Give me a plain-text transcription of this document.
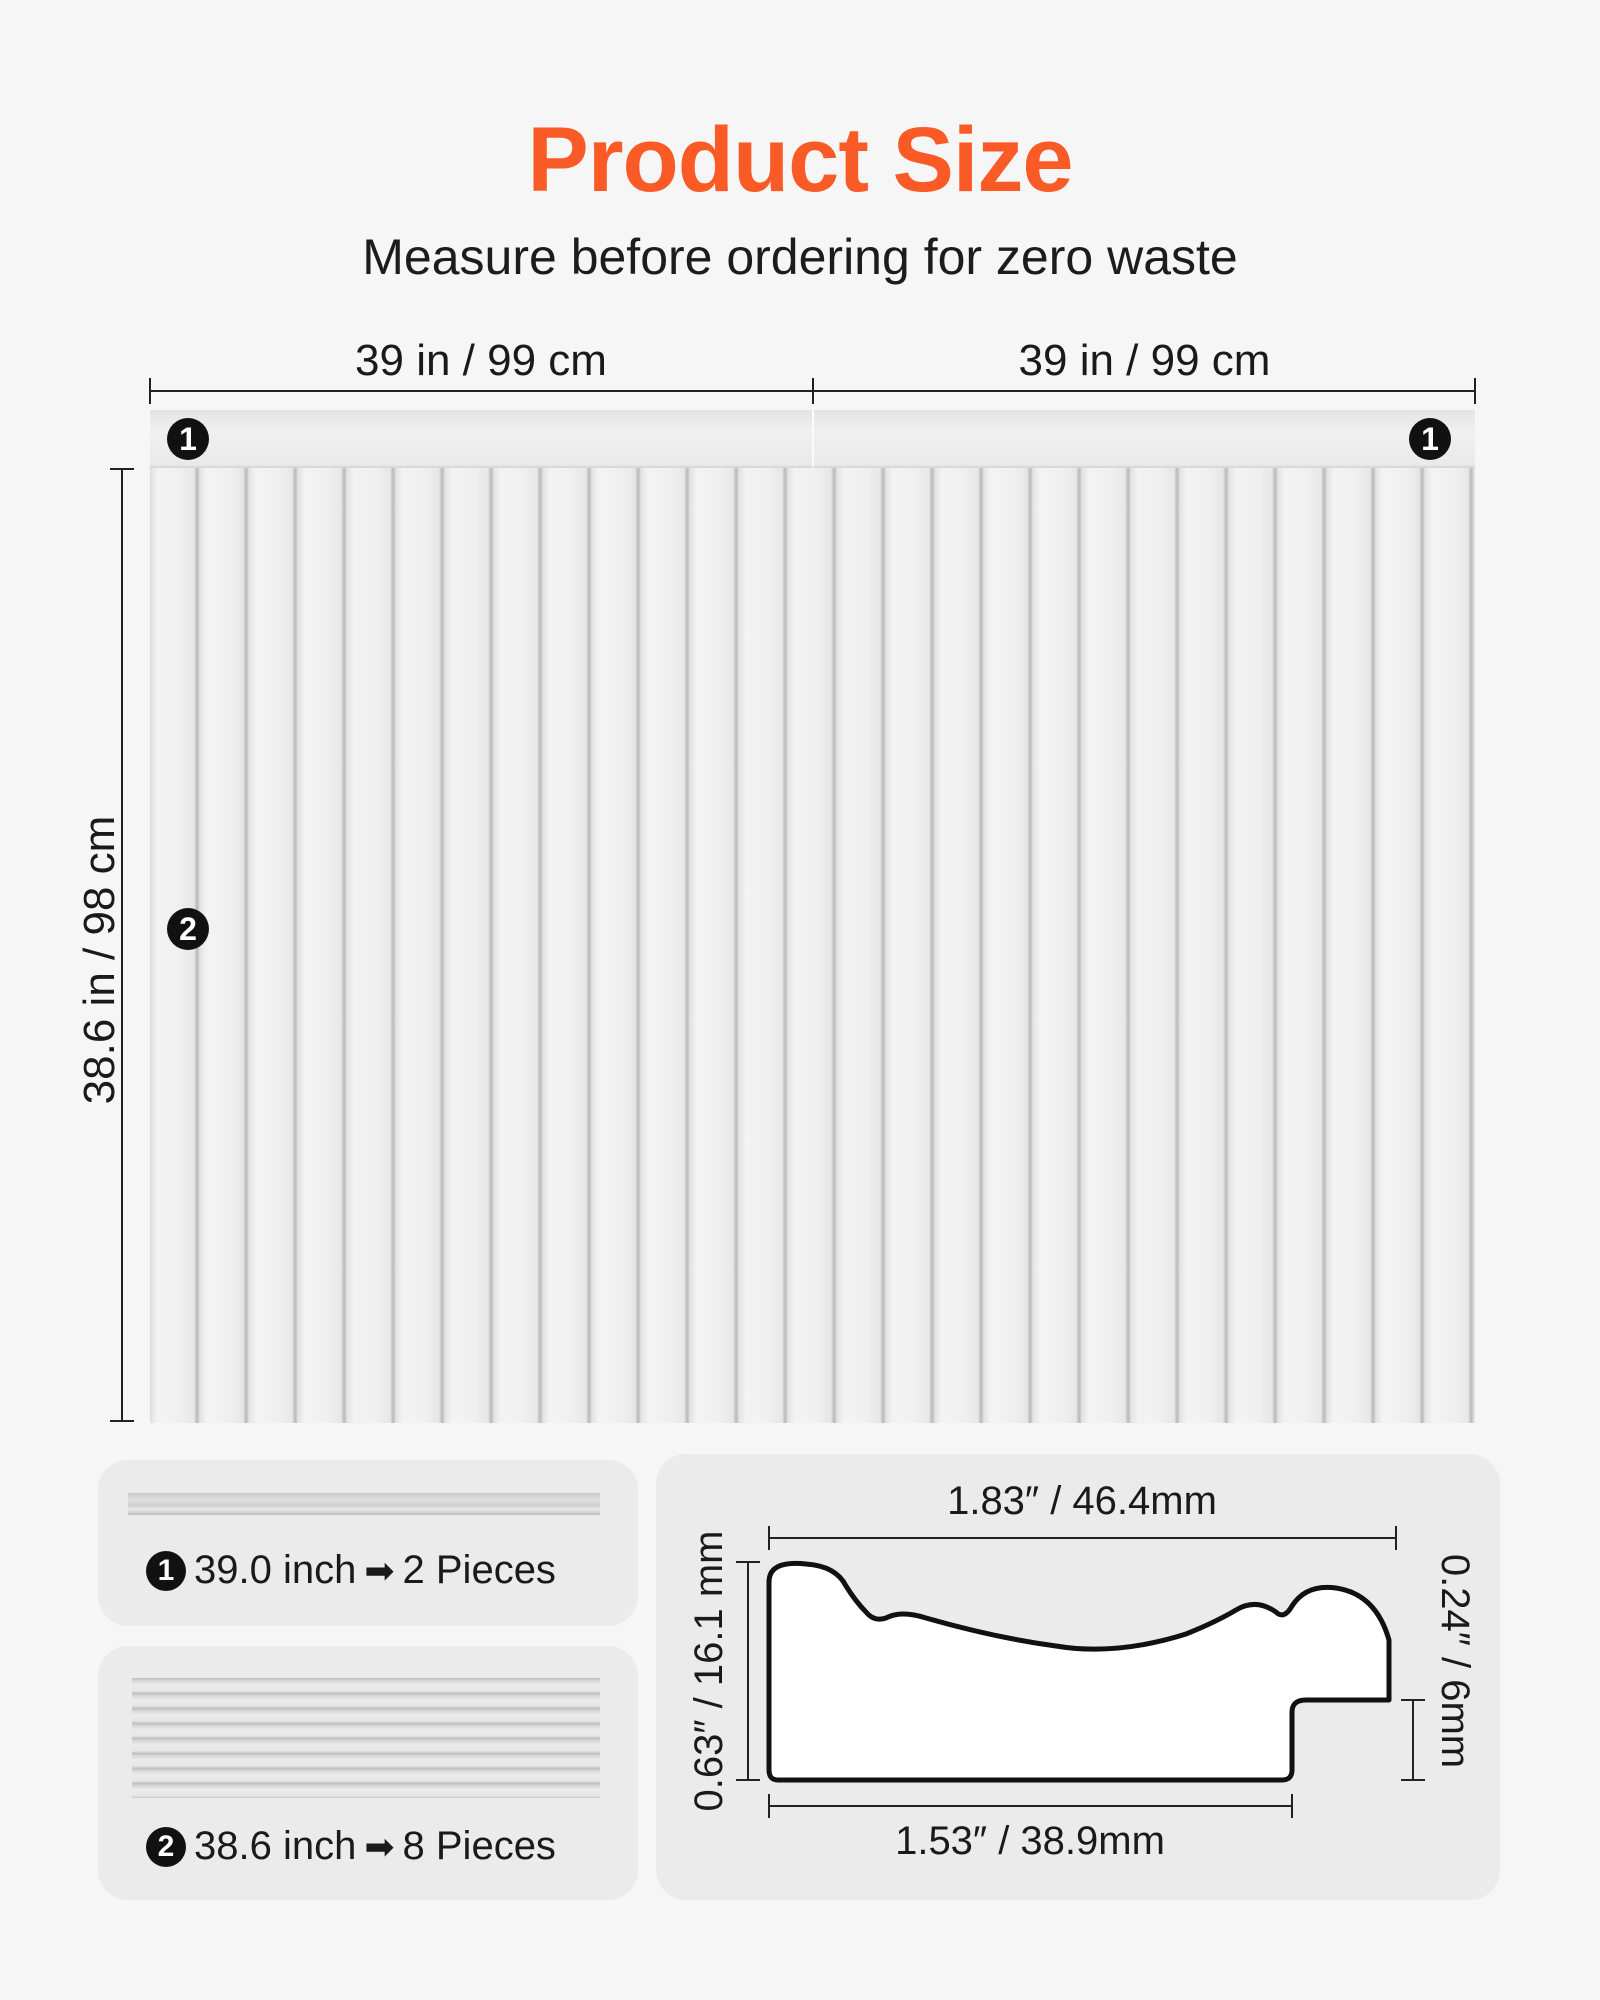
Product Size
Measure before ordering for zero waste
39 in / 99 cm	39 in / 99 cm
1	1
2
38.6 in / 98 cm
1 39.0 inch ➡ 2 Pieces
2 38.6 inch ➡ 8 Pieces
1.83″ / 46.4mm
0.63″ / 16.1 mm	0.24″ / 6mm
1.53″ / 38.9mm
